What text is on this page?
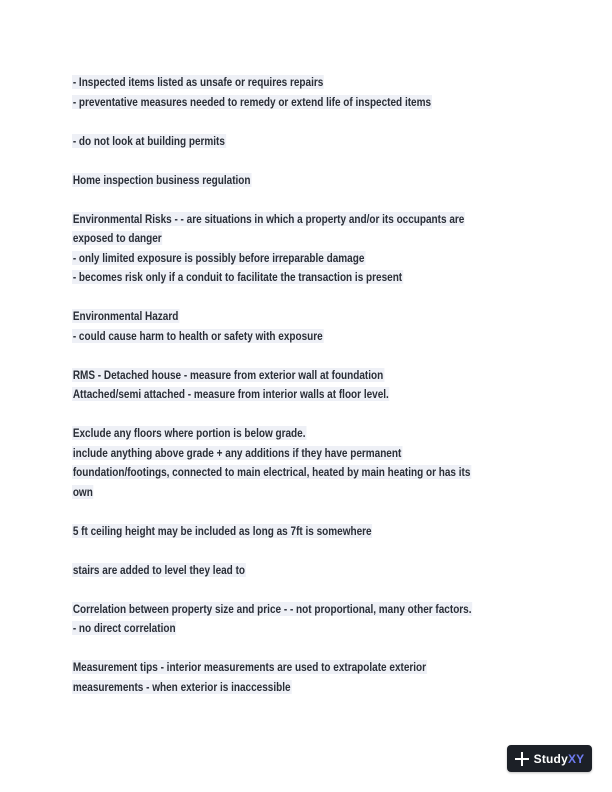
- Inspected items listed as unsafe or requires repairs
- preventative measures needed to remedy or extend life of inspected items
- do not look at building permits
Home inspection business regulation
Environmental Risks - - are situations in which a property and/or its occupants are
exposed to danger
- only limited exposure is possibly before irreparable damage
- becomes risk only if a conduit to facilitate the transaction is present
Environmental Hazard
- could cause harm to health or safety with exposure
RMS - Detached house - measure from exterior wall at foundation
Attached/semi attached - measure from interior walls at floor level.
Exclude any floors where portion is below grade.
include anything above grade + any additions if they have permanent
foundation/footings, connected to main electrical, heated by main heating or has its
own
5 ft ceiling height may be included as long as 7ft is somewhere
stairs are added to level they lead to
Correlation between property size and price - - not proportional, many other factors.
- no direct correlation
Measurement tips - interior measurements are used to extrapolate exterior
measurements - when exterior is inaccessible
StudyXY
